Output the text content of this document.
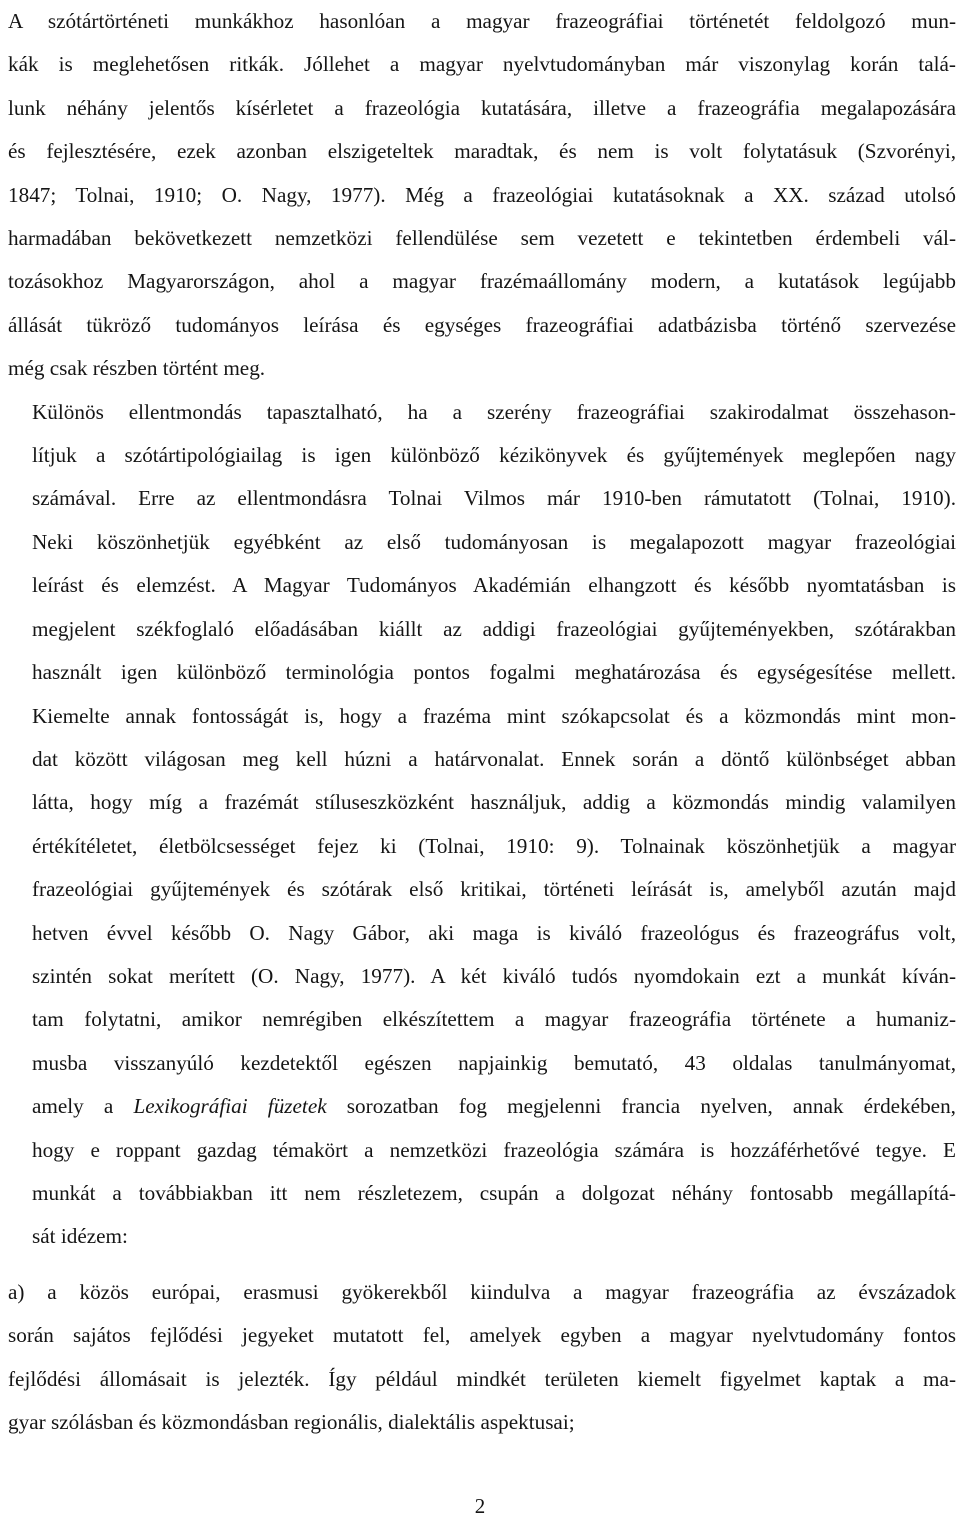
A szótártörténeti munkákhoz hasonlóan a magyar frazeográfiai történetét feldolgozó mun-
kák is meglehetősen ritkák. Jóllehet a magyar nyelvtudományban már viszonylag korán talá-
lunk néhány jelentős kísérletet a frazeológia kutatására, illetve a frazeográfia megalapozására
és fejlesztésére, ezek azonban elszigeteltek maradtak, és nem is volt folytatásuk (Szvorényi,
1847; Tolnai, 1910; O. Nagy, 1977). Még a frazeológiai kutatásoknak a XX. század utolsó
harmadában bekövetkezett nemzetközi fellendülése sem vezetett e tekintetben érdembeli vál-
tozásokhoz Magyarországon, ahol a magyar frazémaállomány modern, a kutatások legújabb
állását tükröző tudományos leírása és egységes frazeográfiai adatbázisba történő szervezése
még csak részben történt meg.

Különös ellentmondás tapasztalható, ha a szerény frazeográfiai szakirodalmat összehason-
lítjuk a szótártipológiailag is igen különböző kézikönyvek és gyűjtemények meglepően nagy
számával. Erre az ellentmondásra Tolnai Vilmos már 1910-ben rámutatott (Tolnai, 1910).
Neki köszönhetjük egyébként az első tudományosan is megalapozott magyar frazeológiai
leírást és elemzést. A Magyar Tudományos Akadémián elhangzott és később nyomtatásban is
megjelent székfoglaló előadásában kiállt az addigi frazeológiai gyűjteményekben, szótárakban
használt igen különböző terminológia pontos fogalmi meghatározása és egységesítése mellett.
Kiemelte annak fontosságát is, hogy a frazéma mint szókapcsolat és a közmondás mint mon-
dat között világosan meg kell húzni a határvonalat. Ennek során a döntő különbséget abban
látta, hogy míg a frazémát stíluseszközként használjuk, addig a közmondás mindig valamilyen
értékítéletet, életbölcsességet fejez ki (Tolnai, 1910: 9). Tolnainak köszönhetjük a magyar
frazeológiai gyűjtemények és szótárak első kritikai, történeti leírását is, amelyből azután majd
hetven évvel később O. Nagy Gábor, aki maga is kiváló frazeológus és frazeográfus volt,
szintén sokat merített (O. Nagy, 1977). A két kiváló tudós nyomdokain ezt a munkát kíván-
tam folytatni, amikor nemrégiben elkészítettem a magyar frazeográfia története a humaniz-
musba visszanyúló kezdetektől egészen napjainkig bemutató, 43 oldalas tanulmányomat,
amely a Lexikográfiai füzetek sorozatban fog megjelenni francia nyelven, annak érdekében,
hogy e roppant gazdag témakört a nemzetközi frazeológia számára is hozzáférhetővé tegye. E
munkát a továbbiakban itt nem részletezem, csupán a dolgozat néhány fontosabb megállapítá-
sát idézem:

a) a közös európai, erasmusi gyökerekből kiindulva a magyar frazeográfia az évszázadok
során sajátos fejlődési jegyeket mutatott fel, amelyek egyben a magyar nyelvtudomány fontos
fejlődési állomásait is jelezték. Így például mindkét területen kiemelt figyelmet kaptak a ma-
gyar szólásban és közmondásban regionális, dialektális aspektusai;

2
